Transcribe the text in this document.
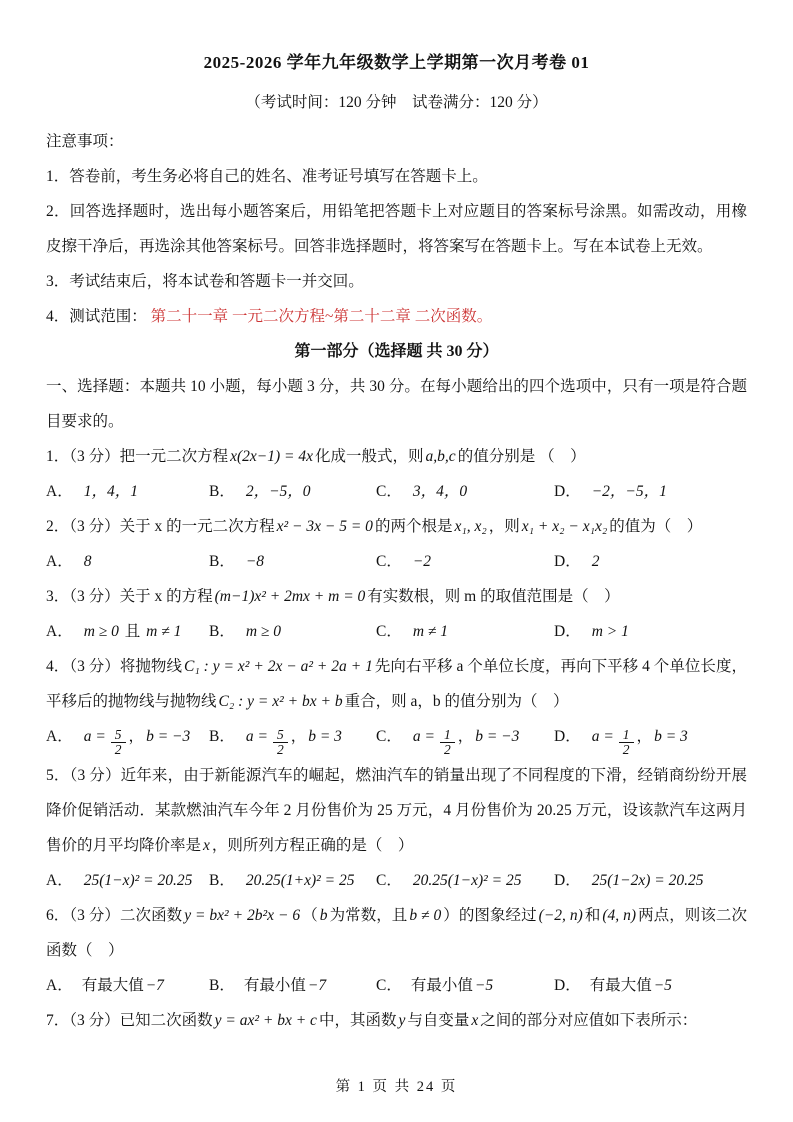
2025-2026 学年九年级数学上学期第一次月考卷 01
（考试时间：120 分钟　试卷满分：120 分）
注意事项：
1．答卷前，考生务必将自己的姓名、准考证号填写在答题卡上。
2．回答选择题时，选出每小题答案后，用铅笔把答题卡上对应题目的答案标号涂黑。如需改动，用橡皮擦干净后，再选涂其他答案标号。回答非选择题时，将答案写在答题卡上。写在本试卷上无效。
3．考试结束后，将本试卷和答题卡一并交回。
4．测试范围： 第二十一章 一元二次方程~第二十二章 二次函数。
第一部分（选择题 共 30 分）
一、选择题：本题共 10 小题，每小题 3 分，共 30 分。在每小题给出的四个选项中，只有一项是符合题目要求的。
1．（3 分）把一元二次方程 x(2x−1) = 4x 化成一般式，则 a,b,c 的值分别是 （　）
A． 1，4，1	B． 2，−5，0	C． 3，4，0	D． −2，−5，1
2．（3 分）关于 x 的一元二次方程 x² − 3x − 5 = 0 的两个根是 x₁, x₂ ，则 x₁ + x₂ − x₁x₂ 的值为（　）
A． 8	B． −8	C． −2	D． 2
3．（3 分）关于 x 的方程 (m−1)x² + 2mx + m = 0 有实数根，则 m 的取值范围是（　）
A． m ≥ 0 且 m ≠ 1	B． m ≥ 0	C． m ≠ 1	D． m > 1
4．（3 分）将抛物线 C₁ : y = x² + 2x − a² + 2a + 1 先向右平移 a 个单位长度，再向下平移 4 个单位长度，平移后的抛物线与抛物线 C₂ : y = x² + bx + b 重合，则 a，b 的值分别为（　）
A． $a = \frac{5}{2}$ ， b = −3	B． $a = \frac{5}{2}$ ， b = 3	C． $a = \frac{1}{2}$ ， b = −3	D． $a = \frac{1}{2}$ ， b = 3
5．（3 分）近年来，由于新能源汽车的崛起，燃油汽车的销量出现了不同程度的下滑，经销商纷纷开展降价促销活动．某款燃油汽车今年 2 月份售价为 25 万元，4 月份售价为 20.25 万元，设该款汽车这两月售价的月平均降价率是 x ，则所列方程正确的是（　）
A． 25(1−x)² = 20.25	B． 20.25(1+x)² = 25	C． 20.25(1−x)² = 25	D． 25(1−2x) = 20.25
6．（3 分）二次函数 y = bx² + 2b²x − 6 （ b 为常数，且 b ≠ 0 ）的图象经过 (−2, n) 和 (4, n) 两点，则该二次函数（　）
A． 有最大值 −7	B． 有最小值 −7	C． 有最小值 −5	D． 有最大值 −5
7．（3 分）已知二次函数 y = ax² + bx + c 中，其函数 y 与自变量 x 之间的部分对应值如下表所示：
第 1 页 共 24 页
